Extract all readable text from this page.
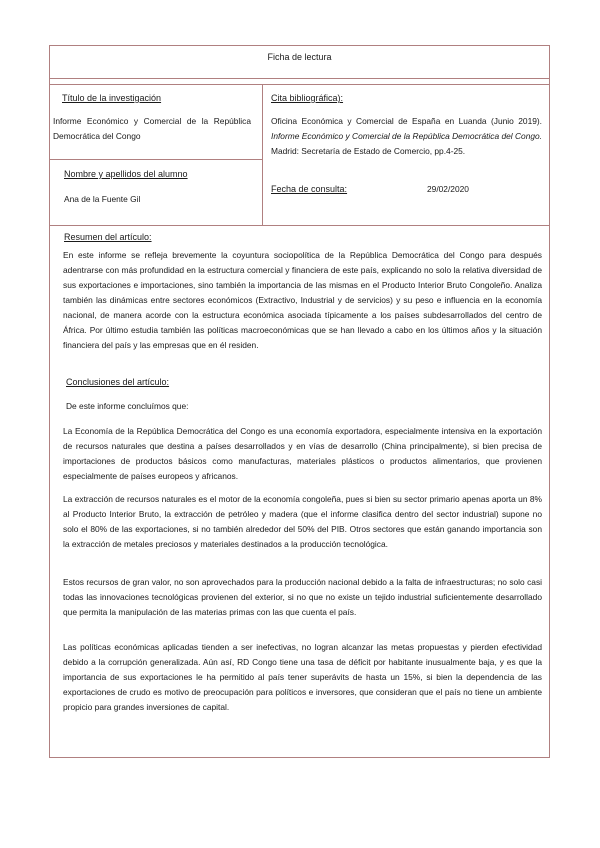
Ficha de lectura
Título de la investigación
Informe Económico y Comercial de la República Democrática del Congo
Nombre y apellidos del alumno
Ana de la Fuente Gil
Cita bibliográfica):
Oficina Económica y Comercial de España en Luanda (Junio 2019). Informe Económico y Comercial de la República Democrática del Congo. Madrid: Secretaría de Estado de Comercio, pp.4-25.
Fecha de consulta:	29/02/2020
Resumen del artículo:
En este informe se refleja brevemente la coyuntura sociopolítica de la República Democrática del Congo para después adentrarse con más profundidad en la estructura comercial y financiera de este país, explicando no solo la relativa diversidad de sus exportaciones e importaciones, sino también la importancia de las mismas en el Producto Interior Bruto Congoleño. Analiza también las dinámicas entre sectores económicos (Extractivo, Industrial y de servicios) y su peso e influencia en la economía nacional, de manera acorde con la estructura económica asociada típicamente a los países subdesarrollados del centro de África. Por último estudia también las políticas macroeconómicas que se han llevado a cabo en los últimos años y la situación financiera del país y las empresas que en él residen.
Conclusiones del artículo:
De este informe concluímos que:
La Economía de la República Democrática del Congo es una economía exportadora, especialmente intensiva en la exportación de recursos naturales que destina a países desarrollados y en vías de desarrollo (China principalmente), si bien precisa de importaciones de productos básicos como manufacturas, materiales plásticos o productos alimentarios, que provienen especialmente de países europeos y africanos.
La extracción de recursos naturales es el motor de la economía congoleña, pues si bien su sector primario apenas aporta un 8% al Producto Interior Bruto, la extracción de petróleo y madera (que el informe clasifica dentro del sector industrial) supone no solo el 80% de las exportaciones, si no también alrededor del 50% del PIB. Otros sectores que están ganando importancia son la extracción de metales preciosos y materiales destinados a la producción tecnológica.
Estos recursos de gran valor, no son aprovechados para la producción nacional debido a la falta de infraestructuras; no solo casi todas las innovaciones tecnológicas provienen del exterior, si no que no existe un tejido industrial suficientemente desarrollado que permita la manipulación de las materias primas con las que cuenta el país.
Las políticas económicas aplicadas tienden a ser inefectivas, no logran alcanzar las metas propuestas y pierden efectividad debido a la corrupción generalizada. Aún así, RD Congo tiene una tasa de déficit por habitante inusualmente baja, y es que la importancia de sus exportaciones le ha permitido al país tener superávits de hasta un 15%, si bien la dependencia de las exportaciones de crudo es motivo de preocupación para políticos e inversores, que consideran que el país no tiene un ambiente propicio para grandes inversiones de capital.
